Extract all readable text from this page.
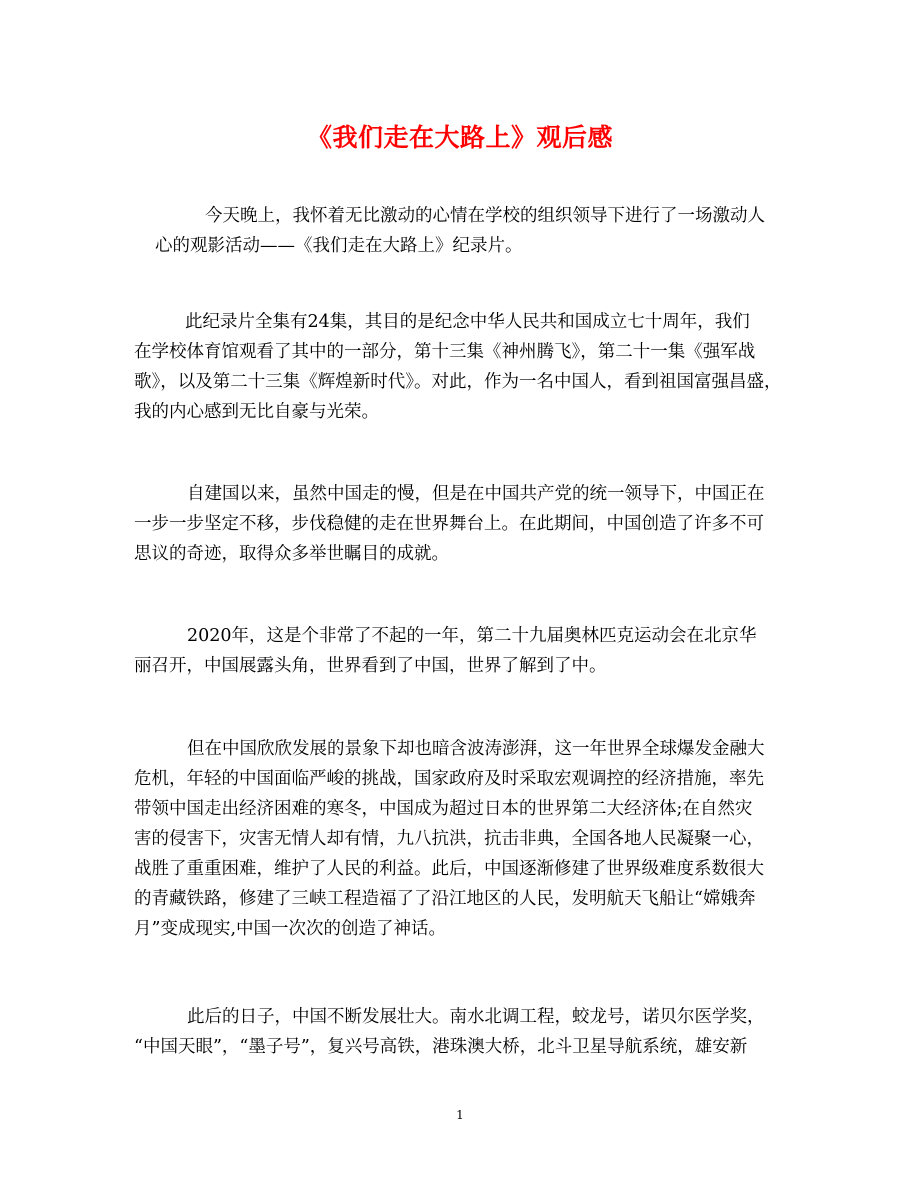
《我们走在大路上》观后感
今天晚上，我怀着无比激动的心情在学校的组织领导下进行了一场激动人
心的观影活动——《我们走在大路上》纪录片。
此纪录片全集有24集，其目的是纪念中华人民共和国成立七十周年，我们
在学校体育馆观看了其中的一部分，第十三集《神州腾飞》，第二十一集《强军战
歌》，以及第二十三集《辉煌新时代》。对此，作为一名中国人，看到祖国富强昌盛，
我的内心感到无比自豪与光荣。
自建国以来，虽然中国走的慢，但是在中国共产党的统一领导下，中国正在
一步一步坚定不移，步伐稳健的走在世界舞台上。在此期间，中国创造了许多不可
思议的奇迹，取得众多举世瞩目的成就。
2020年，这是个非常了不起的一年，第二十九届奥林匹克运动会在北京华
丽召开，中国展露头角，世界看到了中国，世界了解到了中。
但在中国欣欣发展的景象下却也暗含波涛澎湃，这一年世界全球爆发金融大
危机，年轻的中国面临严峻的挑战，国家政府及时采取宏观调控的经济措施，率先
带领中国走出经济困难的寒冬，中国成为超过日本的世界第二大经济体;在自然灾
害的侵害下，灾害无情人却有情，九八抗洪，抗击非典，全国各地人民凝聚一心，
战胜了重重困难，维护了人民的利益。此后，中国逐渐修建了世界级难度系数很大
的青藏铁路，修建了三峡工程造福了了沿江地区的人民，发明航天飞船让“嫦娥奔
月”变成现实,中国一次次的创造了神话。
此后的日子，中国不断发展壮大。南水北调工程，蛟龙号，诺贝尔医学奖，
“中国天眼”，“墨子号”，复兴号高铁，港珠澳大桥，北斗卫星导航系统，雄安新
1
